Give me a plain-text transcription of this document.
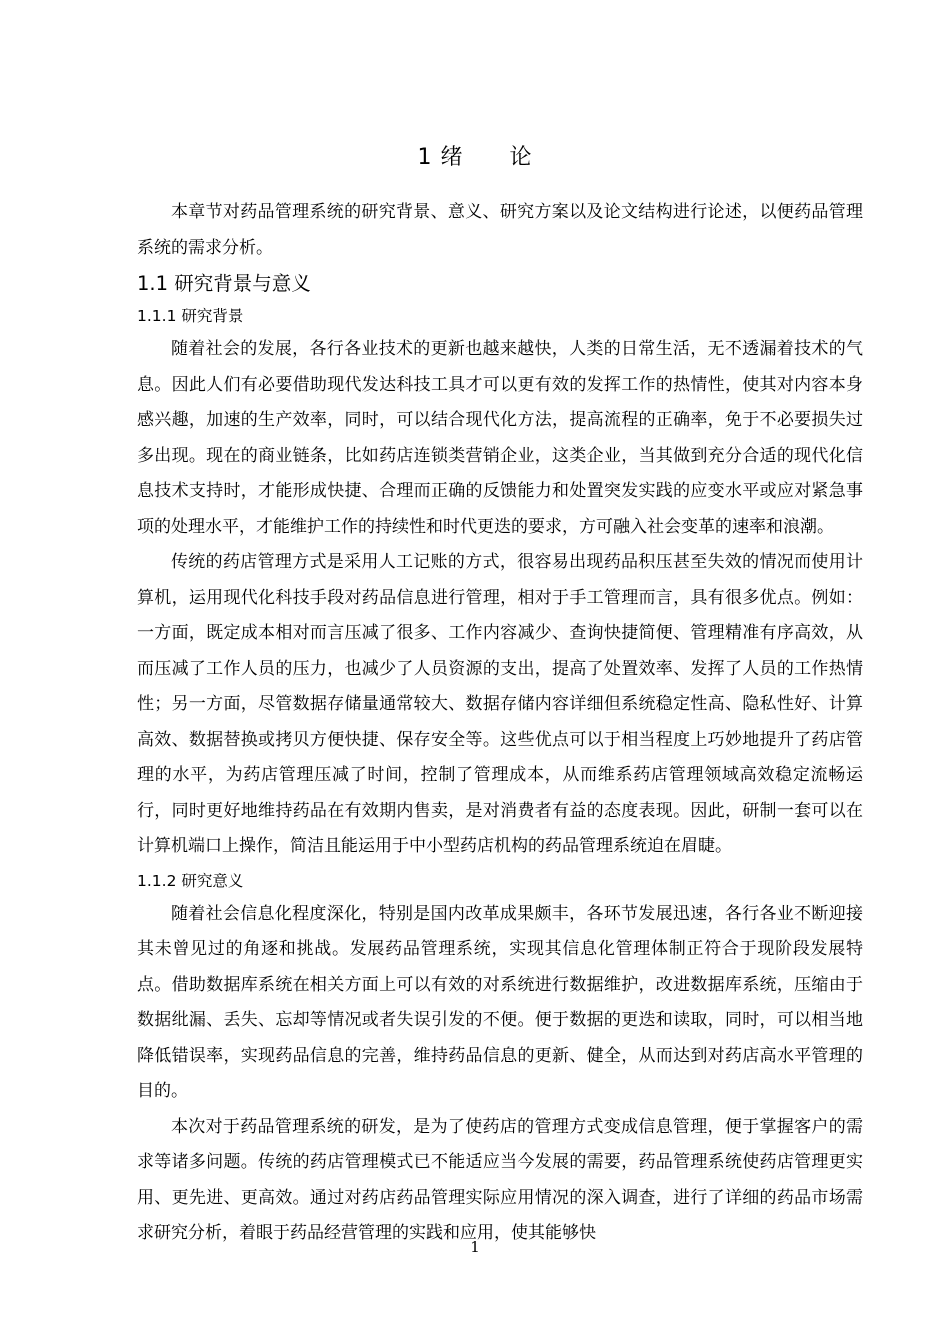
1 绪　　论

本章节对药品管理系统的研究背景、意义、研究方案以及论文结构进行论述，以便药品管理系统的需求分析。

1.1 研究背景与意义
1.1.1 研究背景

随着社会的发展，各行各业技术的更新也越来越快，人类的日常生活，无不透漏着技术的气息。因此人们有必要借助现代发达科技工具才可以更有效的发挥工作的热情性，使其对内容本身感兴趣，加速的生产效率，同时，可以结合现代化方法，提高流程的正确率，免于不必要损失过多出现。现在的商业链条，比如药店连锁类营销企业，这类企业，当其做到充分合适的现代化信息技术支持时，才能形成快捷、合理而正确的反馈能力和处置突发实践的应变水平或应对紧急事项的处理水平，才能维护工作的持续性和时代更迭的要求，方可融入社会变革的速率和浪潮。

传统的药店管理方式是采用人工记账的方式，很容易出现药品积压甚至失效的情况而使用计算机，运用现代化科技手段对药品信息进行管理，相对于手工管理而言，具有很多优点。例如：一方面，既定成本相对而言压减了很多、工作内容减少、查询快捷简便、管理精准有序高效，从而压减了工作人员的压力，也减少了人员资源的支出，提高了处置效率、发挥了人员的工作热情性；另一方面，尽管数据存储量通常较大、数据存储内容详细但系统稳定性高、隐私性好、计算高效、数据替换或拷贝方便快捷、保存安全等。这些优点可以于相当程度上巧妙地提升了药店管理的水平，为药店管理压减了时间，控制了管理成本，从而维系药店管理领域高效稳定流畅运行，同时更好地维持药品在有效期内售卖，是对消费者有益的态度表现。因此，研制一套可以在计算机端口上操作，简洁且能运用于中小型药店机构的药品管理系统迫在眉睫。

1.1.2 研究意义

随着社会信息化程度深化，特别是国内改革成果颇丰，各环节发展迅速，各行各业不断迎接其未曾见过的角逐和挑战。发展药品管理系统，实现其信息化管理体制正符合于现阶段发展特点。借助数据库系统在相关方面上可以有效的对系统进行数据维护，改进数据库系统，压缩由于数据纰漏、丢失、忘却等情况或者失误引发的不便。便于数据的更迭和读取，同时，可以相当地降低错误率，实现药品信息的完善，维持药品信息的更新、健全，从而达到对药店高水平管理的目的。

本次对于药品管理系统的研发，是为了使药店的管理方式变成信息管理，便于掌握客户的需求等诸多问题。传统的药店管理模式已不能适应当今发展的需要，药品管理系统使药店管理更实用、更先进、更高效。通过对药店药品管理实际应用情况的深入调查，进行了详细的药品市场需求研究分析，着眼于药品经营管理的实践和应用，使其能够快

1
